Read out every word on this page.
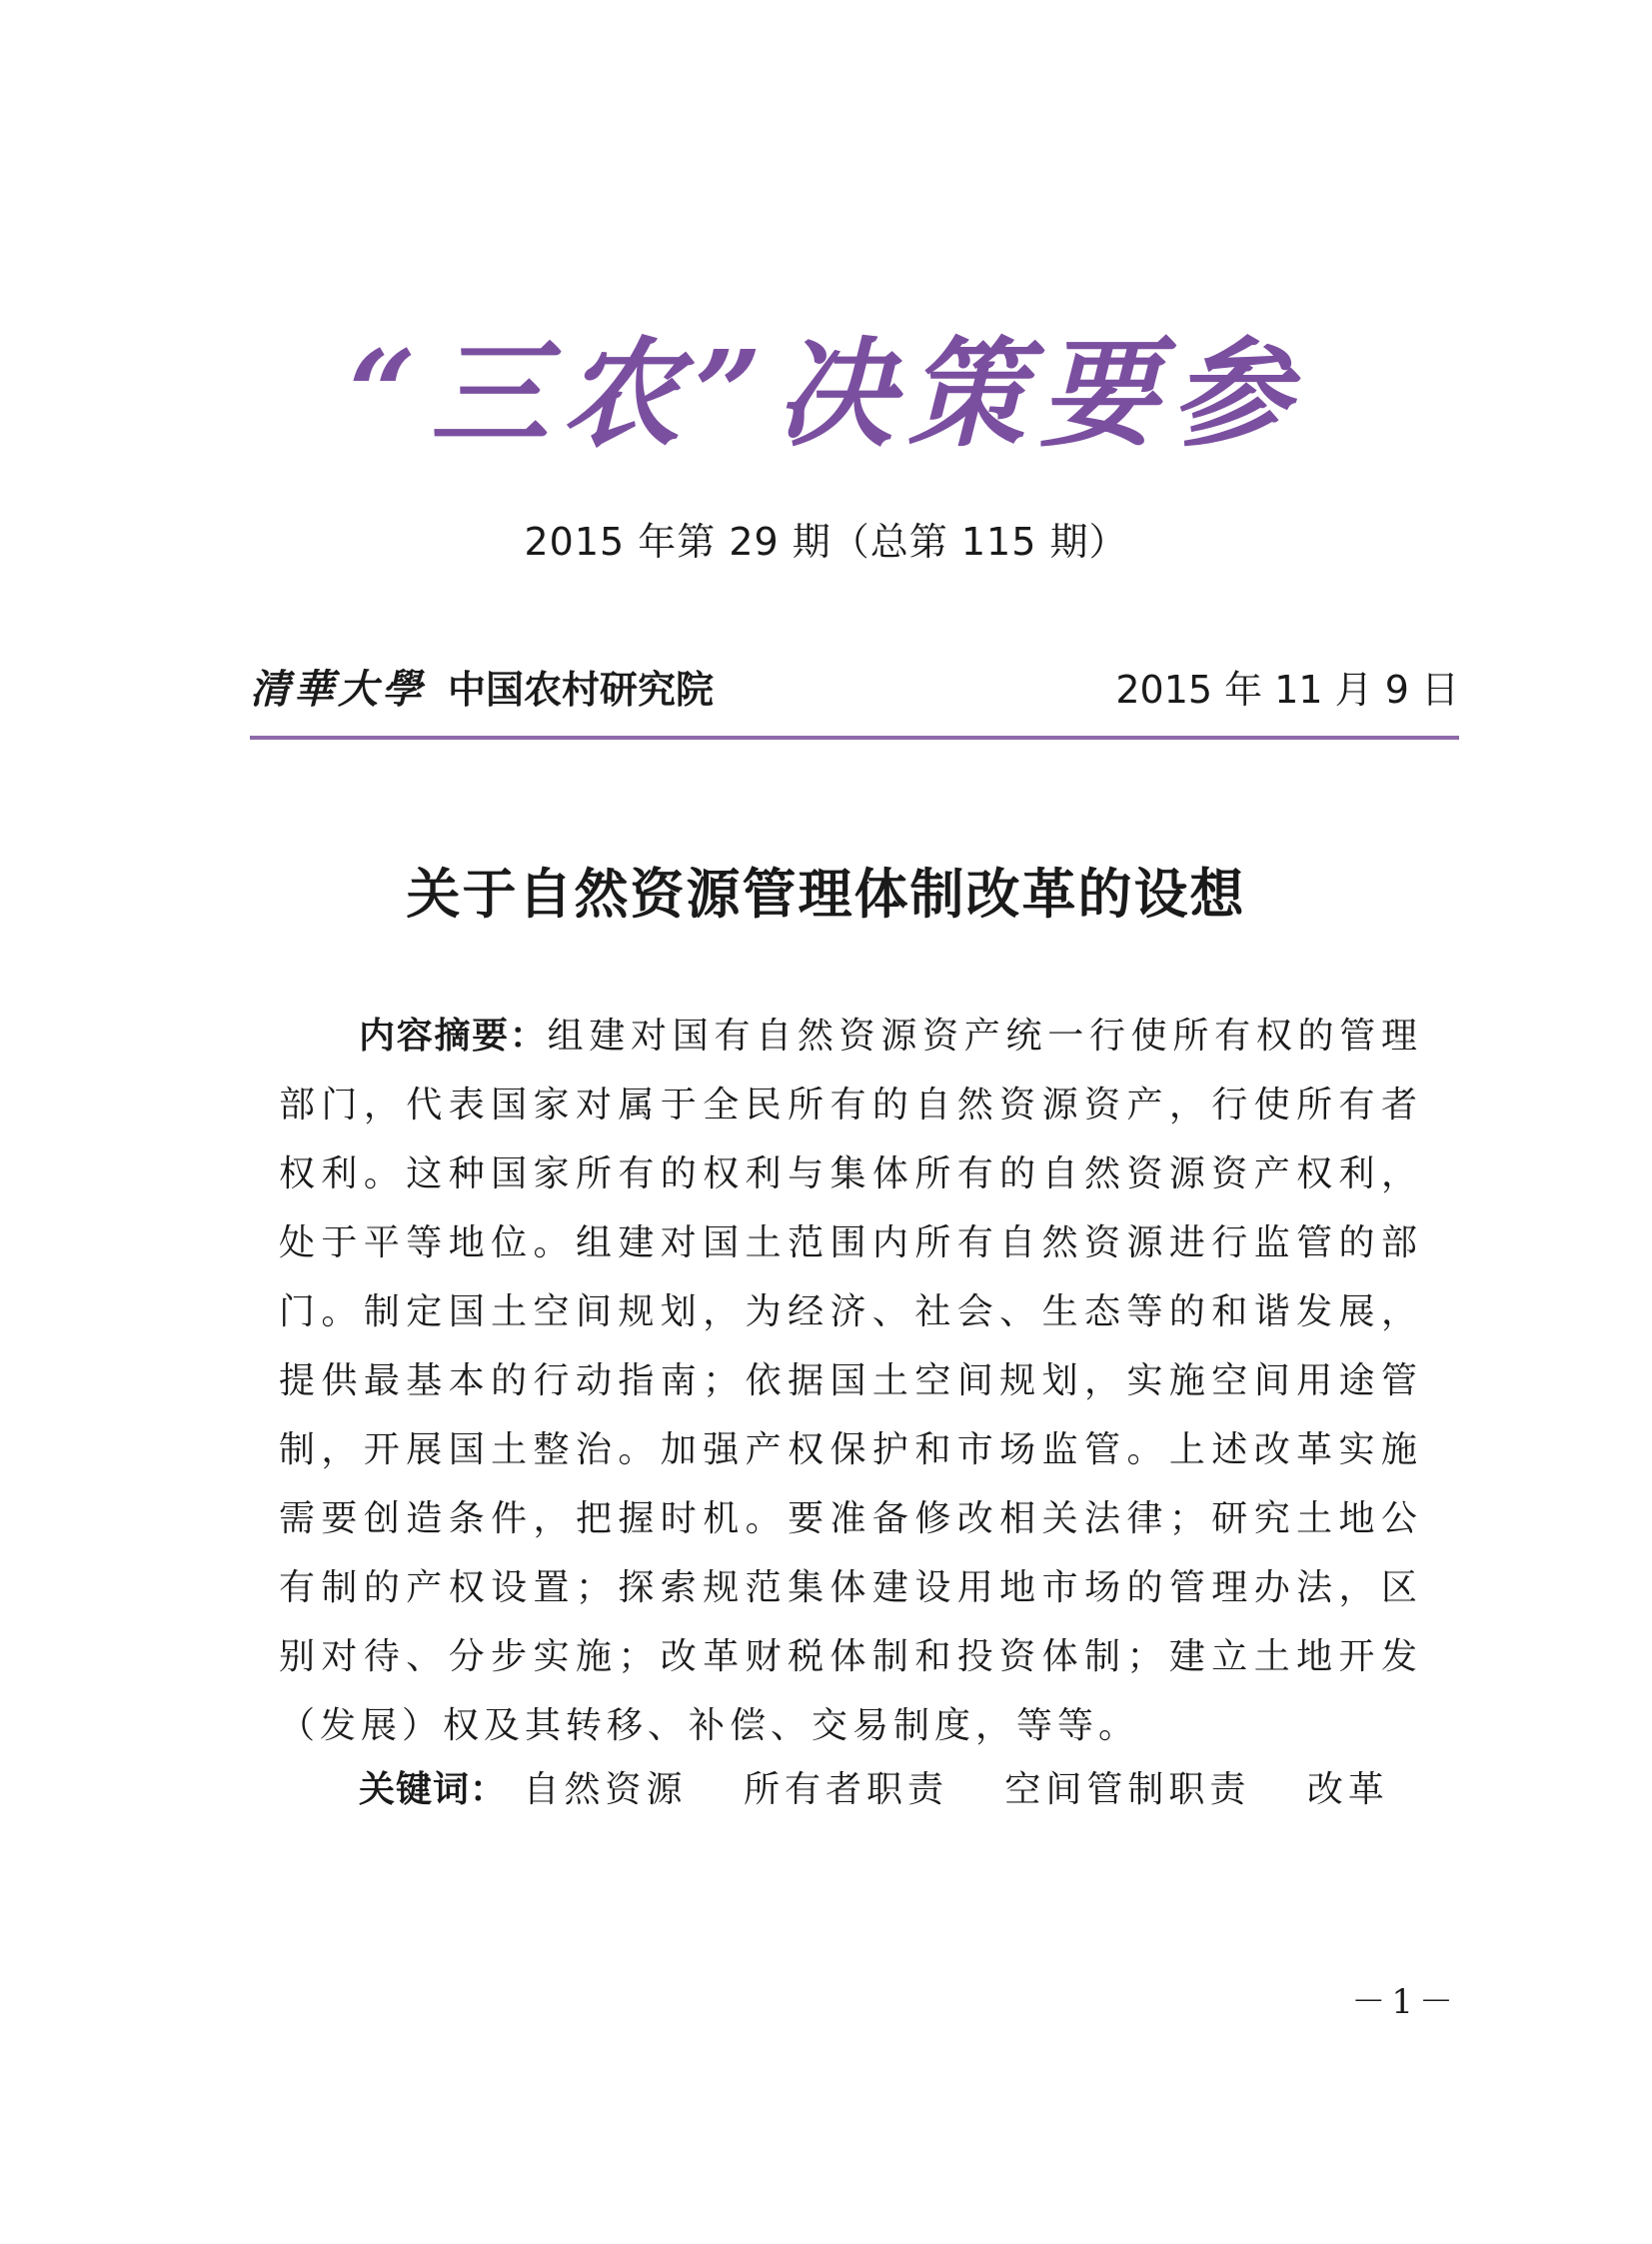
“三农”决策要参
2015 年第 29 期（总第 115 期）
清華大學 中国农村研究院	2015 年 11 月 9 日
关于自然资源管理体制改革的设想

内容摘要：组建对国有自然资源资产统一行使所有权的管理部门，代表国家对属于全民所有的自然资源资产，行使所有者权利。这种国家所有的权利与集体所有的自然资源资产权利，处于平等地位。组建对国土范围内所有自然资源进行监管的部门。制定国土空间规划，为经济、社会、生态等的和谐发展，提供最基本的行动指南；依据国土空间规划，实施空间用途管制，开展国土整治。加强产权保护和市场监管。上述改革实施需要创造条件，把握时机。要准备修改相关法律；研究土地公有制的产权设置；探索规范集体建设用地市场的管理办法，区别对待、分步实施；改革财税体制和投资体制；建立土地开发（发展）权及其转移、补偿、交易制度，等等。

关键词： 自然资源 所有者职责 空间管制职责 改革
－1－
